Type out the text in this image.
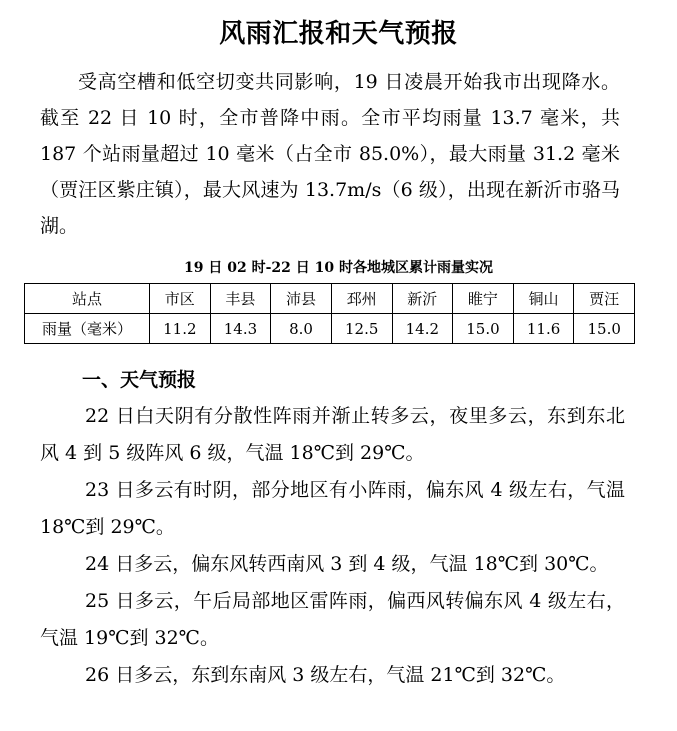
风雨汇报和天气预报

受高空槽和低空切变共同影响，19 日凌晨开始我市出现降水。截至 22 日 10 时，全市普降中雨。全市平均雨量 13.7 毫米，共 187 个站雨量超过 10 毫米（占全市 85.0%），最大雨量 31.2 毫米（贾汪区紫庄镇），最大风速为 13.7m/s（6 级），出现在新沂市骆马湖。

19 日 02 时-22 日 10 时各地城区累计雨量实况
站点	市区	丰县	沛县	邳州	新沂	睢宁	铜山	贾汪
雨量（毫米）	11.2	14.3	8.0	12.5	14.2	15.0	11.6	15.0
一、天气预报

22 日白天阴有分散性阵雨并渐止转多云，夜里多云，东到东北风 4 到 5 级阵风 6 级，气温 18℃到 29℃。

23 日多云有时阴，部分地区有小阵雨，偏东风 4 级左右，气温 18℃到 29℃。

24 日多云，偏东风转西南风 3 到 4 级，气温 18℃到 30℃。

25 日多云，午后局部地区雷阵雨，偏西风转偏东风 4 级左右，气温 19℃到 32℃。

26 日多云，东到东南风 3 级左右，气温 21℃到 32℃。
